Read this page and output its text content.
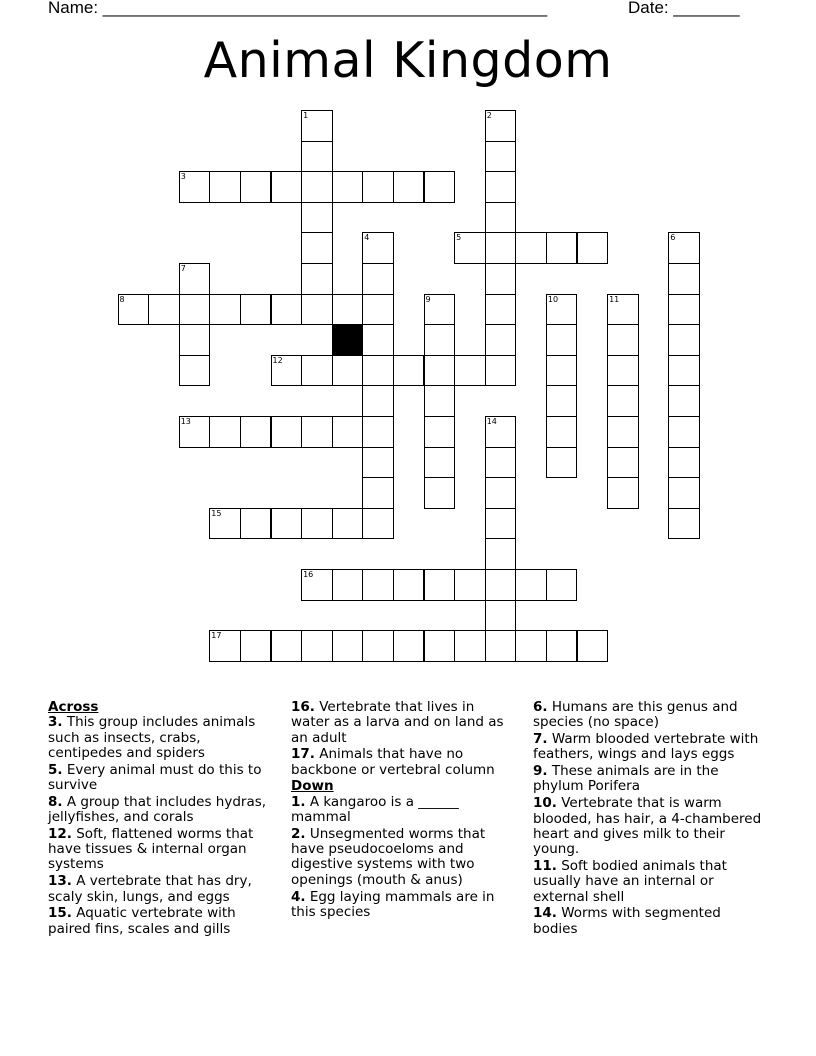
Name: _______________________________________________	Date: _______
Animal Kingdom
3
5
8
12
13
15
16
17
1	2
4	6
7
9	10	11
14
Across
3. This group includes animals such as insects, crabs, centipedes and spiders
5. Every animal must do this to survive
8. A group that includes hydras, jellyfishes, and corals
12. Soft, flattened worms that have tissues & internal organ systems
13. A vertebrate that has dry, scaly skin, lungs, and eggs
15. Aquatic vertebrate with paired fins, scales and gills
16. Vertebrate that lives in water as a larva and on land as an adult
17. Animals that have no backbone or vertebral column
Down
1. A kangaroo is a ______ mammal
2. Unsegmented worms that have pseudocoeloms and digestive systems with two openings (mouth & anus)
4. Egg laying mammals are in this species
6. Humans are this genus and species (no space)
7. Warm blooded vertebrate with feathers, wings and lays eggs
9. These animals are in the phylum Porifera
10. Vertebrate that is warm blooded, has hair, a 4-chambered heart and gives milk to their young.
11. Soft bodied animals that usually have an internal or external shell
14. Worms with segmented bodies
